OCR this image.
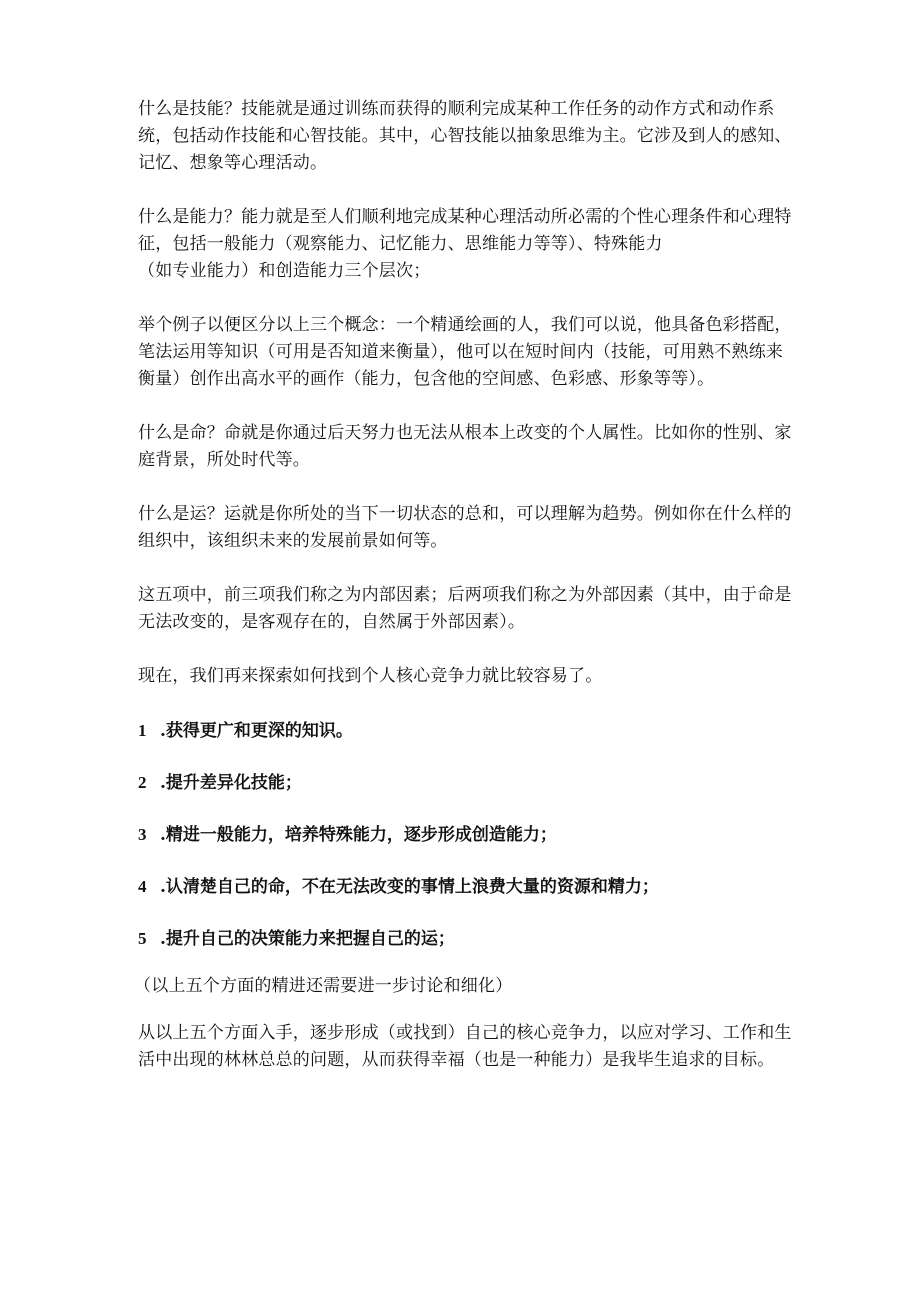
什么是技能？技能就是通过训练而获得的顺利完成某种工作任务的动作方式和动作系
统，包括动作技能和心智技能。其中，心智技能以抽象思维为主。它涉及到人的感知、
记忆、想象等心理活动。

什么是能力？能力就是至人们顺利地完成某种心理活动所必需的个性心理条件和心理特
征，包括一般能力（观察能力、记忆能力、思维能力等等）、特殊能力
（如专业能力）和创造能力三个层次；

举个例子以便区分以上三个概念：一个精通绘画的人，我们可以说，他具备色彩搭配，
笔法运用等知识（可用是否知道来衡量），他可以在短时间内（技能，可用熟不熟练来
衡量）创作出高水平的画作（能力，包含他的空间感、色彩感、形象等等）。

什么是命？命就是你通过后天努力也无法从根本上改变的个人属性。比如你的性别、家
庭背景，所处时代等。

什么是运？运就是你所处的当下一切状态的总和，可以理解为趋势。例如你在什么样的
组织中，该组织未来的发展前景如何等。

这五项中，前三项我们称之为内部因素；后两项我们称之为外部因素（其中，由于命是
无法改变的，是客观存在的，自然属于外部因素）。

现在，我们再来探索如何找到个人核心竞争力就比较容易了。

1 .获得更广和更深的知识。
2 .提升差异化技能；
3 .精进一般能力，培养特殊能力，逐步形成创造能力；
4 .认清楚自己的命，不在无法改变的事情上浪费大量的资源和精力；
5 .提升自己的决策能力来把握自己的运；

（以上五个方面的精进还需要进一步讨论和细化）

从以上五个方面入手，逐步形成（或找到）自己的核心竞争力，以应对学习、工作和生
活中出现的林林总总的问题，从而获得幸福（也是一种能力）是我毕生追求的目标。
